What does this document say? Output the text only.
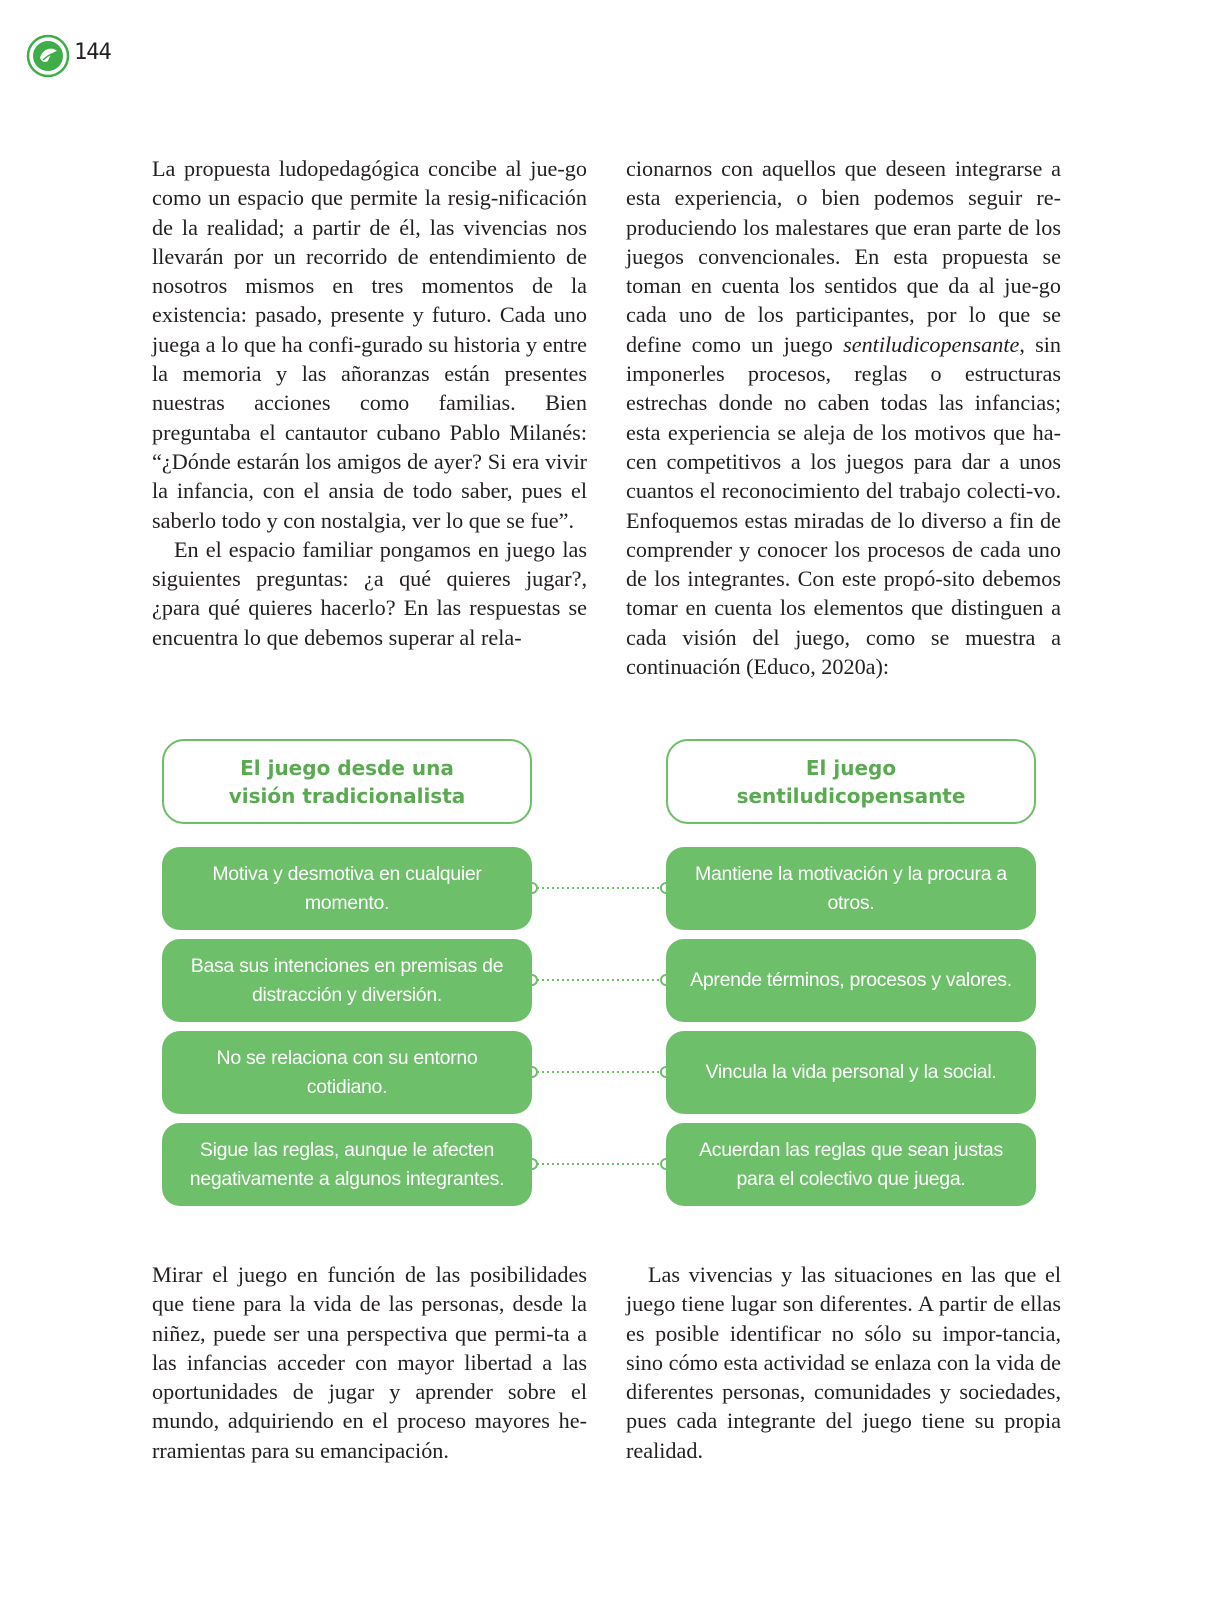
144

La propuesta ludopedagógica concibe al jue-go como un espacio que permite la resig-nificación de la realidad; a partir de él, las vivencias nos llevarán por un recorrido de entendimiento de nosotros mismos en tres momentos de la existencia: pasado, presente y futuro. Cada uno juega a lo que ha confi-gurado su historia y entre la memoria y las añoranzas están presentes nuestras acciones como familias. Bien preguntaba el cantautor cubano Pablo Milanés: “¿Dónde estarán los amigos de ayer? Si era vivir la infancia, con el ansia de todo saber, pues el saberlo todo y con nostalgia, ver lo que se fue”.

En el espacio familiar pongamos en juego las siguientes preguntas: ¿a qué quieres jugar?, ¿para qué quieres hacerlo? En las respuestas se encuentra lo que debemos superar al rela-

cionarnos con aquellos que deseen integrarse a esta experiencia, o bien podemos seguir re-produciendo los malestares que eran parte de los juegos convencionales. En esta propuesta se toman en cuenta los sentidos que da al jue-go cada uno de los participantes, por lo que se define como un juego sentiludicopensante, sin imponerles procesos, reglas o estructuras estrechas donde no caben todas las infancias; esta experiencia se aleja de los motivos que ha-cen competitivos a los juegos para dar a unos cuantos el reconocimiento del trabajo colecti-vo. Enfoquemos estas miradas de lo diverso a fin de comprender y conocer los procesos de cada uno de los integrantes. Con este propó-sito debemos tomar en cuenta los elementos que distinguen a cada visión del juego, como se muestra a continuación (Educo, 2020a):

El juego desde una visión tradicionalista
El juego sentiludicopensante
Motiva y desmotiva en cualquier momento.
Mantiene la motivación y la procura a otros.
Basa sus intenciones en premisas de distracción y diversión.
Aprende términos, procesos y valores.
No se relaciona con su entorno cotidiano.
Vincula la vida personal y la social.
Sigue las reglas, aunque le afecten negativamente a algunos integrantes.
Acuerdan las reglas que sean justas para el colectivo que juega.

Mirar el juego en función de las posibilidades que tiene para la vida de las personas, desde la niñez, puede ser una perspectiva que permi-ta a las infancias acceder con mayor libertad a las oportunidades de jugar y aprender sobre el mundo, adquiriendo en el proceso mayores he-rramientas para su emancipación.

Las vivencias y las situaciones en las que el juego tiene lugar son diferentes. A partir de ellas es posible identificar no sólo su impor-tancia, sino cómo esta actividad se enlaza con la vida de diferentes personas, comunidades y sociedades, pues cada integrante del juego tiene su propia realidad.
